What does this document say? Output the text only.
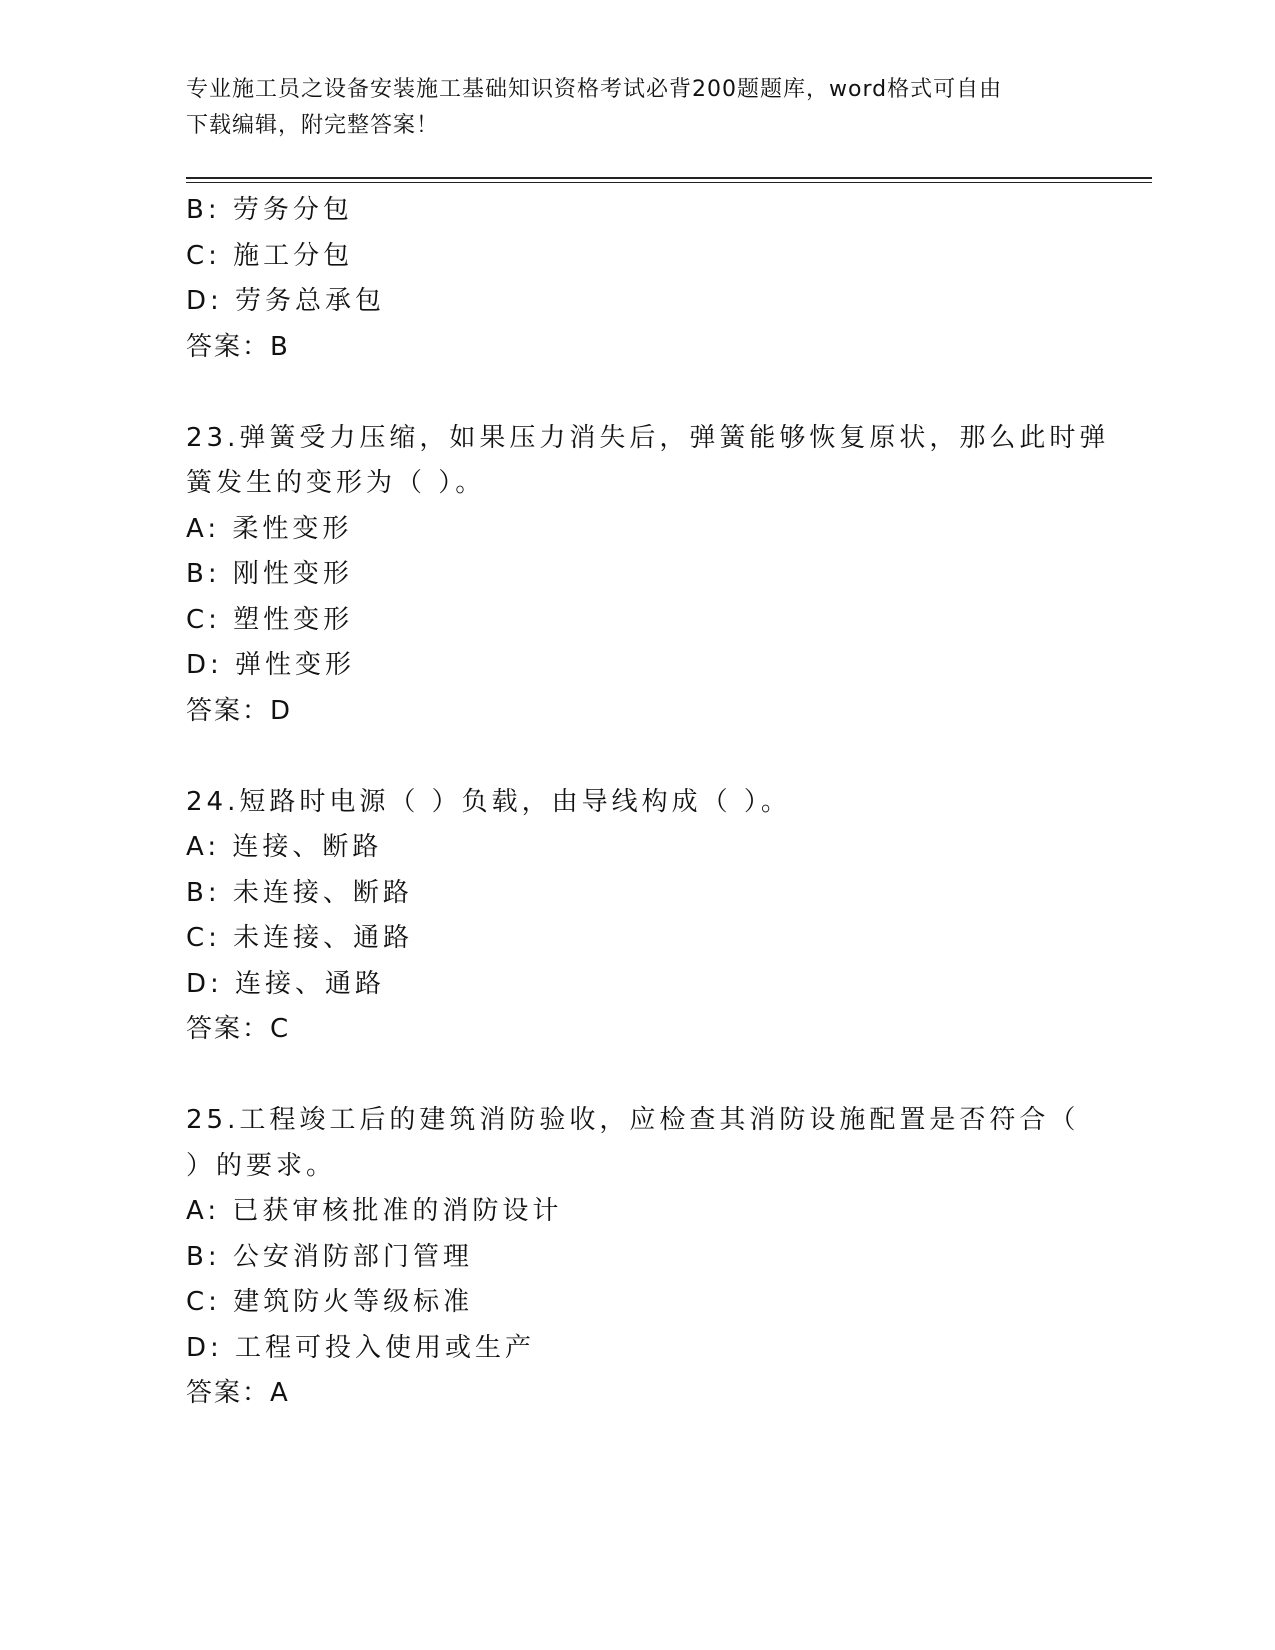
专业施工员之设备安装施工基础知识资格考试必背200题题库，word格式可自由
下载编辑，附完整答案！
B: 劳务分包
C: 施工分包
D: 劳务总承包
答案：B
23.弹簧受力压缩，如果压力消失后，弹簧能够恢复原状，那么此时弹
簧发生的变形为（ ）。
A: 柔性变形
B: 刚性变形
C: 塑性变形
D: 弹性变形
答案：D
24.短路时电源（ ）负载，由导线构成（ ）。
A: 连接、断路
B: 未连接、断路
C: 未连接、通路
D: 连接、通路
答案：C
25.工程竣工后的建筑消防验收，应检查其消防设施配置是否符合（
）的要求。
A: 已获审核批准的消防设计
B: 公安消防部门管理
C: 建筑防火等级标准
D: 工程可投入使用或生产
答案：A
